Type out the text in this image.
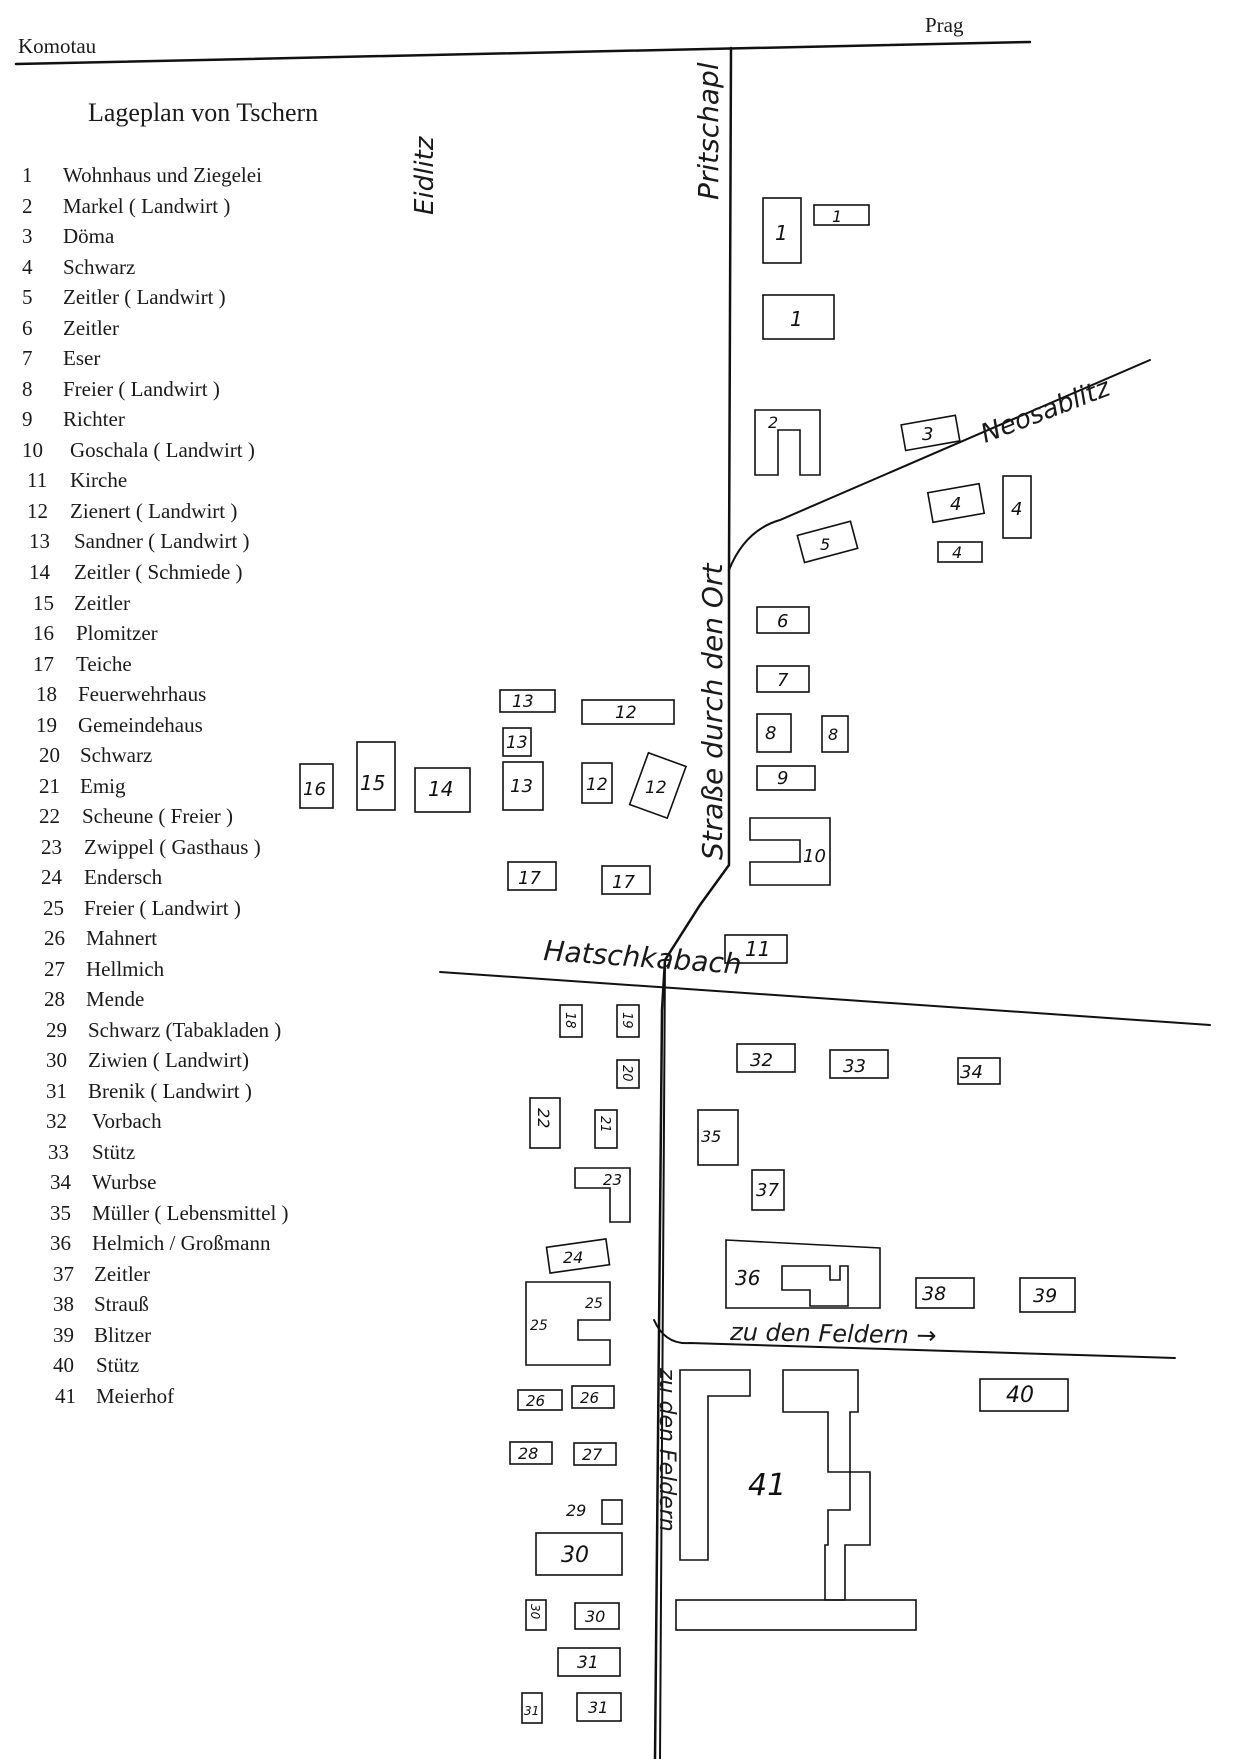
Komotau
Prag
Lageplan von Tschern
Eidlitz	Pritschapl
Neosablitz
Straße durch den Ort
Hatschkabach
zu den Feldern →
zu den Feldern
1 Wohnhaus und Ziegelei
2 Markel ( Landwirt )
3 Döma
4 Schwarz
5 Zeitler ( Landwirt )
6 Zeitler
7 Eser
8 Freier ( Landwirt )
9 Richter
10 Goschala ( Landwirt )
11 Kirche
12 Zienert ( Landwirt )
13 Sandner ( Landwirt )
14 Zeitler ( Schmiede )
15 Zeitler
16 Plomitzer
17 Teiche
18 Feuerwehrhaus
19 Gemeindehaus
20 Schwarz
21 Emig
22 Scheune ( Freier )
23 Zwippel ( Gasthaus )
24 Endersch
25 Freier ( Landwirt )
26 Mahnert
27 Hellmich
28 Mende
29 Schwarz (Tabakladen )
30 Ziwien ( Landwirt)
31 Brenik ( Landwirt )
32 Vorbach
33 Stütz
34 Wurbse
35 Müller ( Lebensmittel )
36 Helmich / Großmann
37 Zeitler
38 Strauß
39 Blitzer
40 Stütz
41 Meierhof
1
1
1
2
3
4	4
4
5
6
7
8	8
9
10
11
12
12 12
13
13
13
14
15
16
17	17
18	19
20
21
22
23
24
25
25
26 26
28	27
29
30
30	30
31
31	31
32	33	34
35
37
36
38	39
40
41
